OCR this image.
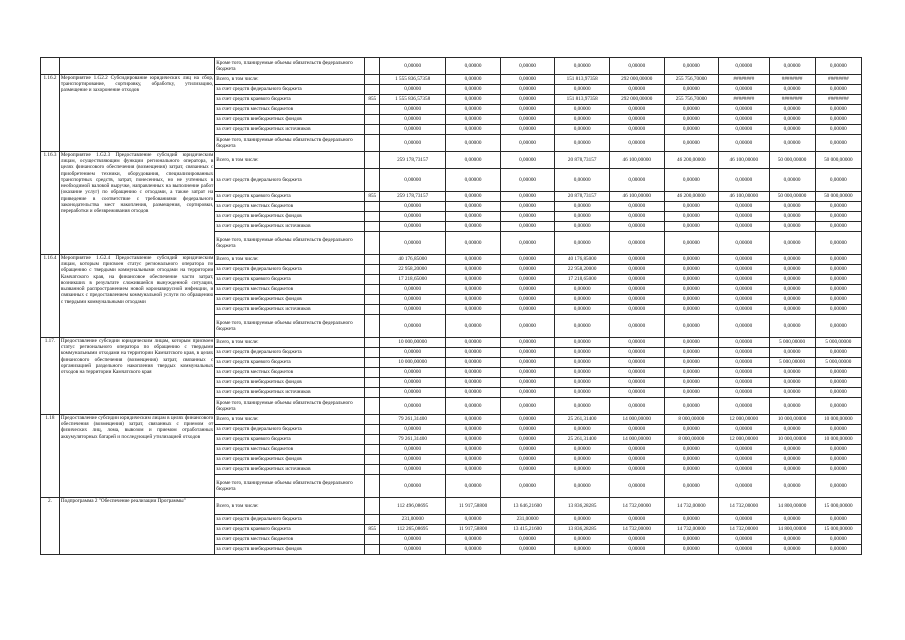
		Кроме того, планируемые объемы обязательств федерального бюджета		0,00000	0,00000	0,00000	0,00000	0,00000	0,00000	0,00000	0,00000	0,00000
1.16.2	Мероприятие 1.G2.2 Субсидирование юридических лиц на сбор, транспортирование, сортировку, обработку, утилизацию, размещение и захоронение отходов	Всего, в том числе:		1 555 836,57358	0,00000	0,00000	151 813,97358	292 000,00000	255 756,70000	########	########	########
		за счет средств федерального бюджета		0,00000	0,00000	0,00000	0,00000	0,00000	0,00000	0,00000	0,00000	0,00000
		за счет средств краевого бюджета	855	1 555 836,57358	0,00000	0,00000	151 813,97358	292 000,00000	255 756,70000	########	########	########
		за счет средств местных бюджетов		0,00000	0,00000	0,00000	0,00000	0,00000	0,00000	0,00000	0,00000	0,00000
		за счет средств внебюджетных фондов		0,00000	0,00000	0,00000	0,00000	0,00000	0,00000	0,00000	0,00000	0,00000
		за счет средств внебюджетных источников		0,00000	0,00000	0,00000	0,00000	0,00000	0,00000	0,00000	0,00000	0,00000
		Кроме того, планируемые объемы обязательств федерального бюджета		0,00000	0,00000	0,00000	0,00000	0,00000	0,00000	0,00000	0,00000	0,00000
1.16.3	Мероприятие 1.G2.3 Предоставление субсидий юридическим лицам, осуществляющим функции регионального оператора, в целях финансового обеспечения (возмещения) затрат, связанных с приобретением техники, оборудования, специализированных транспортных средств, затрат, понесенных, но не учтенных в необходимой валовой выручке, направленных на выполнение работ (оказание услуг) по обращению с отходами, а также затрат на приведение в соответствие с требованиями федерального законодательства мест накопления, размещения, сортировки, переработки и обезвреживания отходов	Всего, в том числе:		259 178,73157	0,00000	0,00000	20 878,73157	46 100,00000	46 200,00000	46 100,00000	50 000,00000	50 000,00000
		за счет средств федерального бюджета		0,00000	0,00000	0,00000	0,00000	0,00000	0,00000	0,00000	0,00000	0,00000
		за счет средств краевого бюджета	855	259 178,73157	0,00000	0,00000	20 878,73157	46 100,00000	46 200,00000	46 100,00000	50 000,00000	50 000,00000
		за счет средств местных бюджетов		0,00000	0,00000	0,00000	0,00000	0,00000	0,00000	0,00000	0,00000	0,00000
		за счет средств внебюджетных фондов		0,00000	0,00000	0,00000	0,00000	0,00000	0,00000	0,00000	0,00000	0,00000
		за счет средств внебюджетных источников		0,00000	0,00000	0,00000	0,00000	0,00000	0,00000	0,00000	0,00000	0,00000
		Кроме того, планируемые объемы обязательств федерального бюджета		0,00000	0,00000	0,00000	0,00000	0,00000	0,00000	0,00000	0,00000	0,00000
1.16.4	Мероприятие 1.G2.4 Предоставление субсидий юридическим лицам, которым присвоен статус регионального оператора по обращению с твердыми коммунальными отходами на территории Камчатского края, на финансовое обеспечение части затрат, возникших в результате сложившейся вынужденной ситуации, вызванной распространением новой коронавирусной инфекции, и связанных с предоставлением коммунальной услуги по обращению с твердыми коммунальными отходами	Всего, в том числе:		40 176,85000	0,00000	0,00000	40 176,85000	0,00000	0,00000	0,00000	0,00000	0,00000
		за счет средств федерального бюджета		22 958,20000	0,00000	0,00000	22 958,20000	0,00000	0,00000	0,00000	0,00000	0,00000
		за счет средств краевого бюджета		17 218,65000	0,00000	0,00000	17 218,65000	0,00000	0,00000	0,00000	0,00000	0,00000
		за счет средств местных бюджетов		0,00000	0,00000	0,00000	0,00000	0,00000	0,00000	0,00000	0,00000	0,00000
		за счет средств внебюджетных фондов		0,00000	0,00000	0,00000	0,00000	0,00000	0,00000	0,00000	0,00000	0,00000
		за счет средств внебюджетных источников		0,00000	0,00000	0,00000	0,00000	0,00000	0,00000	0,00000	0,00000	0,00000
		Кроме того, планируемые объемы обязательств федерального бюджета		0,00000	0,00000	0,00000	0,00000	0,00000	0,00000	0,00000	0,00000	0,00000
1.17.	Предоставление субсидии юридическим лицам, которым присвоен статус регионального оператора по обращению с твердыми коммунальными отходами на территории Камчатского края, в целях финансового обеспечения (возмещения) затрат, связанных с организацией раздельного накопления твердых коммунальных отходов на территории Камчатского края	Всего, в том числе:		10 000,00000	0,00000	0,00000	0,00000	0,00000	0,00000	0,00000	5 000,00000	5 000,00000
		за счет средств федерального бюджета		0,00000	0,00000	0,00000	0,00000	0,00000	0,00000	0,00000	0,00000	0,00000
		за счет средств краевого бюджета		10 000,00000	0,00000	0,00000	0,00000	0,00000	0,00000	0,00000	5 000,00000	5 000,00000
		за счет средств местных бюджетов		0,00000	0,00000	0,00000	0,00000	0,00000	0,00000	0,00000	0,00000	0,00000
		за счет средств внебюджетных фондов		0,00000	0,00000	0,00000	0,00000	0,00000	0,00000	0,00000	0,00000	0,00000
		за счет средств внебюджетных источников		0,00000	0,00000	0,00000	0,00000	0,00000	0,00000	0,00000	0,00000	0,00000
		Кроме того, планируемые объемы обязательств федерального бюджета		0,00000	0,00000	0,00000	0,00000	0,00000	0,00000	0,00000	0,00000	0,00000
1.18	Предоставление субсидии юридическим лицам в целях финансового обеспечения (возмещения) затрат, связанных с приемом от физических лиц, лома, вывозом и приемом отработанных аккумуляторных батарей и последующей утилизацией отходов	Всего, в том числе:		79 261,31400	0,00000	0,00000	25 261,31400	14 000,00000	8 000,00000	12 000,00000	10 000,00000	10 000,00000
		за счет средств федерального бюджета		0,00000	0,00000	0,00000	0,00000	0,00000	0,00000	0,00000	0,00000	0,00000
		за счет средств краевого бюджета		79 261,31400	0,00000	0,00000	25 261,31400	14 000,00000	8 000,00000	12 000,00000	10 000,00000	10 000,00000
		за счет средств местных бюджетов		0,00000	0,00000	0,00000	0,00000	0,00000	0,00000	0,00000	0,00000	0,00000
		за счет средств внебюджетных фондов		0,00000	0,00000	0,00000	0,00000	0,00000	0,00000	0,00000	0,00000	0,00000
		за счет средств внебюджетных источников		0,00000	0,00000	0,00000	0,00000	0,00000	0,00000	0,00000	0,00000	0,00000
		Кроме того, планируемые объемы обязательств федерального бюджета		0,00000	0,00000	0,00000	0,00000	0,00000	0,00000	0,00000	0,00000	0,00000
2.	Подпрограмма 2 "Обеспечение реализации Программы"	Всего, в том числе:		112 496,08695	11 917,58800	13 646,21600	13 836,28285	14 732,00000	14 732,00000	14 732,00000	14 800,00000	15 000,00000
		за счет средств федерального бюджета		231,00000	0,00000	231,00000	0,00000	0,00000	0,00000	0,00000	0,00000	0,00000
		за счет средств краевого бюджета	855	112 265,08695	11 917,58800	13 415,21600	13 836,28285	14 732,00000	14 732,00000	14 732,00000	14 800,00000	15 000,00000
		за счет средств местных бюджетов		0,00000	0,00000	0,00000	0,00000	0,00000	0,00000	0,00000	0,00000	0,00000
		за счет средств внебюджетных фондов		0,00000	0,00000	0,00000	0,00000	0,00000	0,00000	0,00000	0,00000	0,00000
